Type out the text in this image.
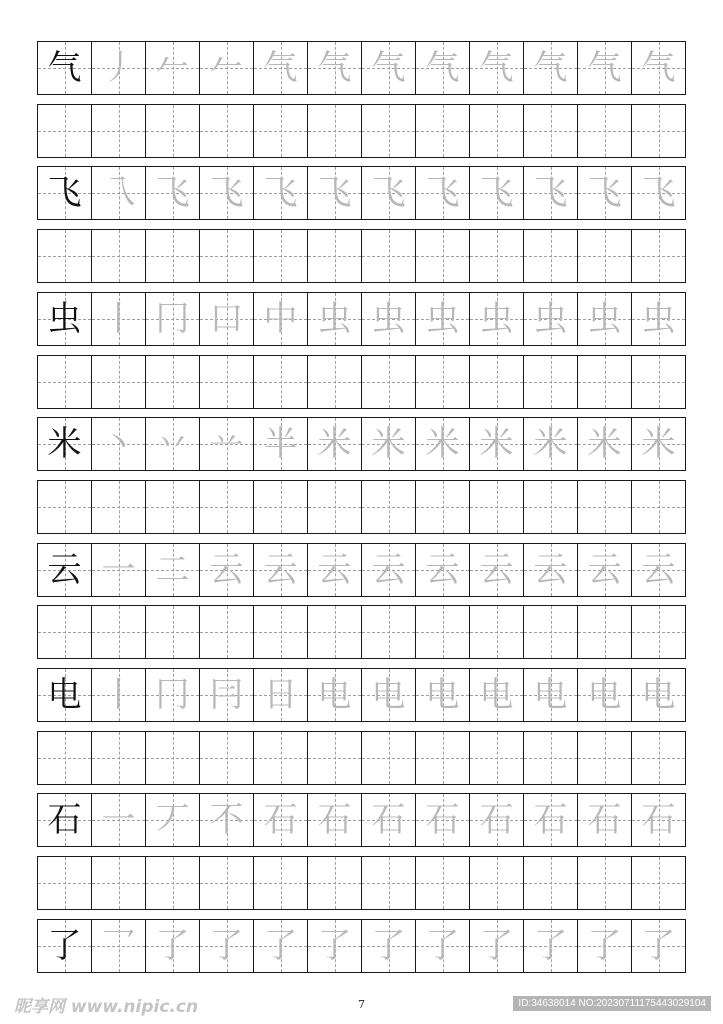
气 丿 𠂉 𠂉 气 气 气 气 气 气 气 气
飞 乁 飞 飞 飞 飞 飞 飞 飞 飞 飞 飞
虫 丨 冂 口 中 虫 虫 虫 虫 虫 虫 虫
米 丶 丷 䒑 半 米 米 米 米 米 米 米
云 一 二 云 云 云 云 云 云 云 云 云
电 丨 冂 冃 日 电 电 电 电 电 电 电
石 一 丆 不 石 石 石 石 石 石 石 石
了 乛 了 了 了 了 了 了 了 了 了 了
7
昵享网 www.nipic.cn	ID:34638014 NO:20230711175443029104
